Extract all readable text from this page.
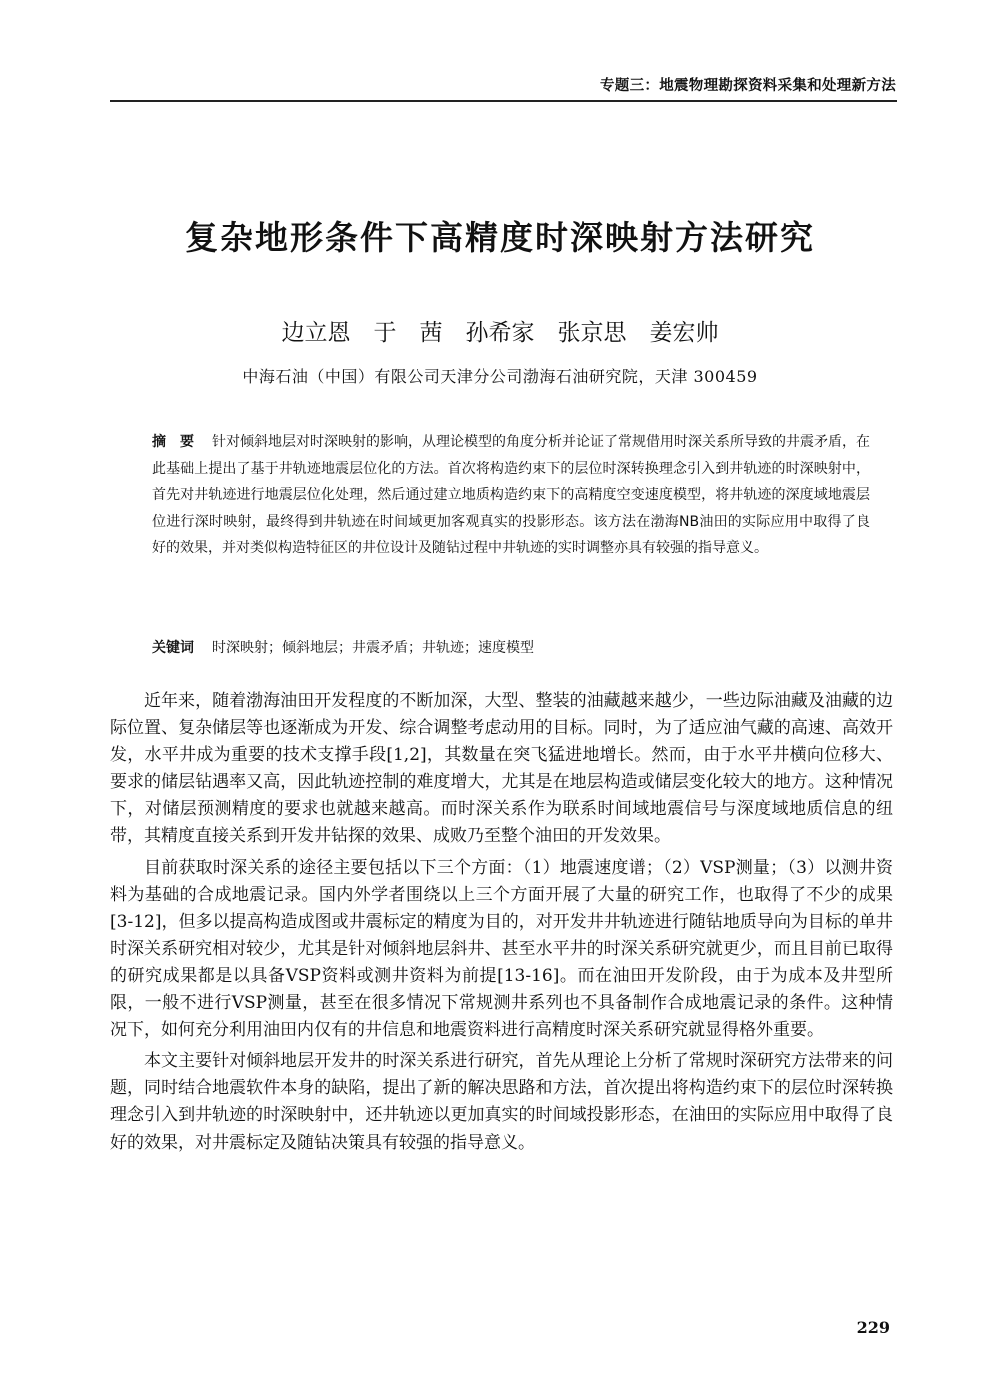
专题三：地震物理勘探资料采集和处理新方法
复杂地形条件下高精度时深映射方法研究
边立恩　于　茜　孙希家　张京思　姜宏帅
中海石油（中国）有限公司天津分公司渤海石油研究院，天津 300459
摘　要 针对倾斜地层对时深映射的影响，从理论模型的角度分析并论证了常规借用时深关系所导致的井震矛盾，在此基础上提出了基于井轨迹地震层位化的方法。首次将构造约束下的层位时深转换理念引入到井轨迹的时深映射中，首先对井轨迹进行地震层位化处理，然后通过建立地质构造约束下的高精度空变速度模型，将井轨迹的深度域地震层位进行深时映射，最终得到井轨迹在时间域更加客观真实的投影形态。该方法在渤海NB油田的实际应用中取得了良好的效果，并对类似构造特征区的井位设计及随钻过程中井轨迹的实时调整亦具有较强的指导意义。
关键词 时深映射；倾斜地层；井震矛盾；井轨迹；速度模型

近年来，随着渤海油田开发程度的不断加深，大型、整装的油藏越来越少，一些边际油藏及油藏的边际位置、复杂储层等也逐渐成为开发、综合调整考虑动用的目标。同时，为了适应油气藏的高速、高效开发，水平井成为重要的技术支撑手段[1,2]，其数量在突飞猛进地增长。然而，由于水平井横向位移大、要求的储层钻遇率又高，因此轨迹控制的难度增大，尤其是在地层构造或储层变化较大的地方。这种情况下，对储层预测精度的要求也就越来越高。而时深关系作为联系时间域地震信号与深度域地质信息的纽带，其精度直接关系到开发井钻探的效果、成败乃至整个油田的开发效果。

目前获取时深关系的途径主要包括以下三个方面：（1）地震速度谱；（2）VSP测量；（3）以测井资料为基础的合成地震记录。国内外学者围绕以上三个方面开展了大量的研究工作，也取得了不少的成果[3-12]，但多以提高构造成图或井震标定的精度为目的，对开发井井轨迹进行随钻地质导向为目标的单井时深关系研究相对较少，尤其是针对倾斜地层斜井、甚至水平井的时深关系研究就更少，而且目前已取得的研究成果都是以具备VSP资料或测井资料为前提[13-16]。而在油田开发阶段，由于为成本及井型所限，一般不进行VSP测量，甚至在很多情况下常规测井系列也不具备制作合成地震记录的条件。这种情况下，如何充分利用油田内仅有的井信息和地震资料进行高精度时深关系研究就显得格外重要。

本文主要针对倾斜地层开发井的时深关系进行研究，首先从理论上分析了常规时深研究方法带来的问题，同时结合地震软件本身的缺陷，提出了新的解决思路和方法，首次提出将构造约束下的层位时深转换理念引入到井轨迹的时深映射中，还井轨迹以更加真实的时间域投影形态，在油田的实际应用中取得了良好的效果，对井震标定及随钻决策具有较强的指导意义。

229
